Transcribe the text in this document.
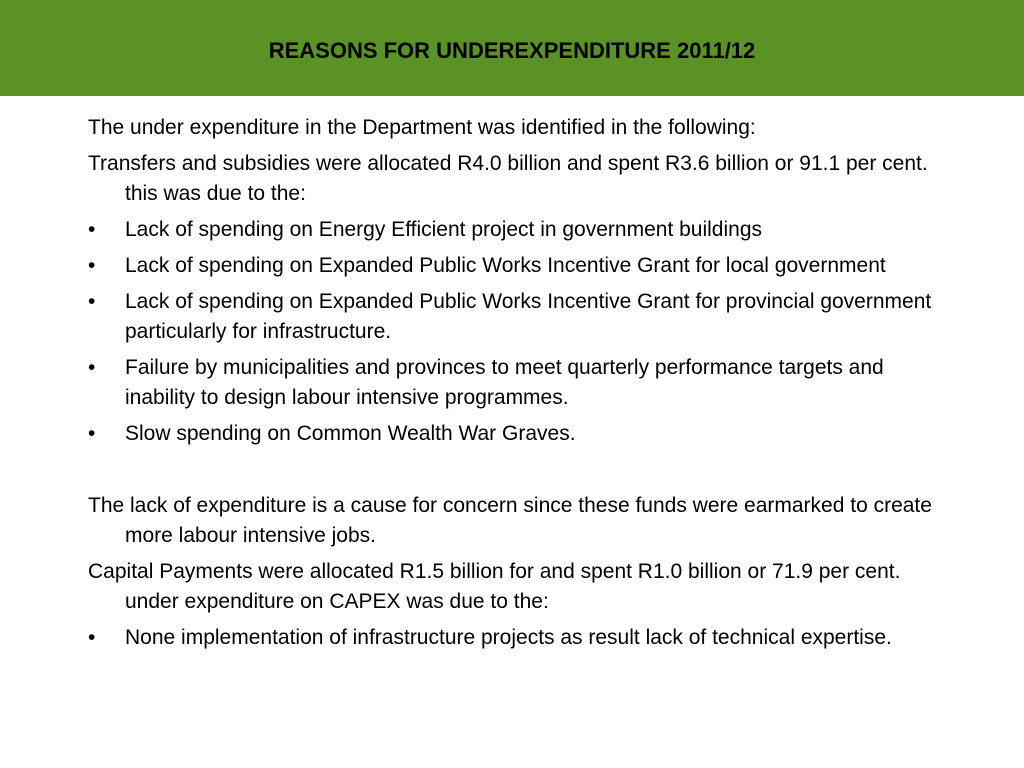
REASONS FOR UNDEREXPENDITURE 2011/12

The under expenditure in the Department was identified in the following:

Transfers and subsidies were allocated R4.0 billion and spent R3.6 billion or 91.1 per cent. this was due to the:

•	Lack of spending on Energy Efficient project in government buildings
•	Lack of spending on Expanded Public Works Incentive Grant for local government
•	Lack of spending on Expanded Public Works Incentive Grant for provincial government particularly for infrastructure.
•	Failure by municipalities and provinces to meet quarterly performance targets and inability to design labour intensive programmes.
•	Slow spending on Common Wealth War Graves.

The lack of expenditure is a cause for concern since these funds were earmarked to create more labour intensive jobs.

Capital Payments were allocated R1.5 billion for and spent R1.0 billion or 71.9 per cent. under expenditure on CAPEX was due to the:

•	None implementation of infrastructure projects as result lack of technical expertise.
